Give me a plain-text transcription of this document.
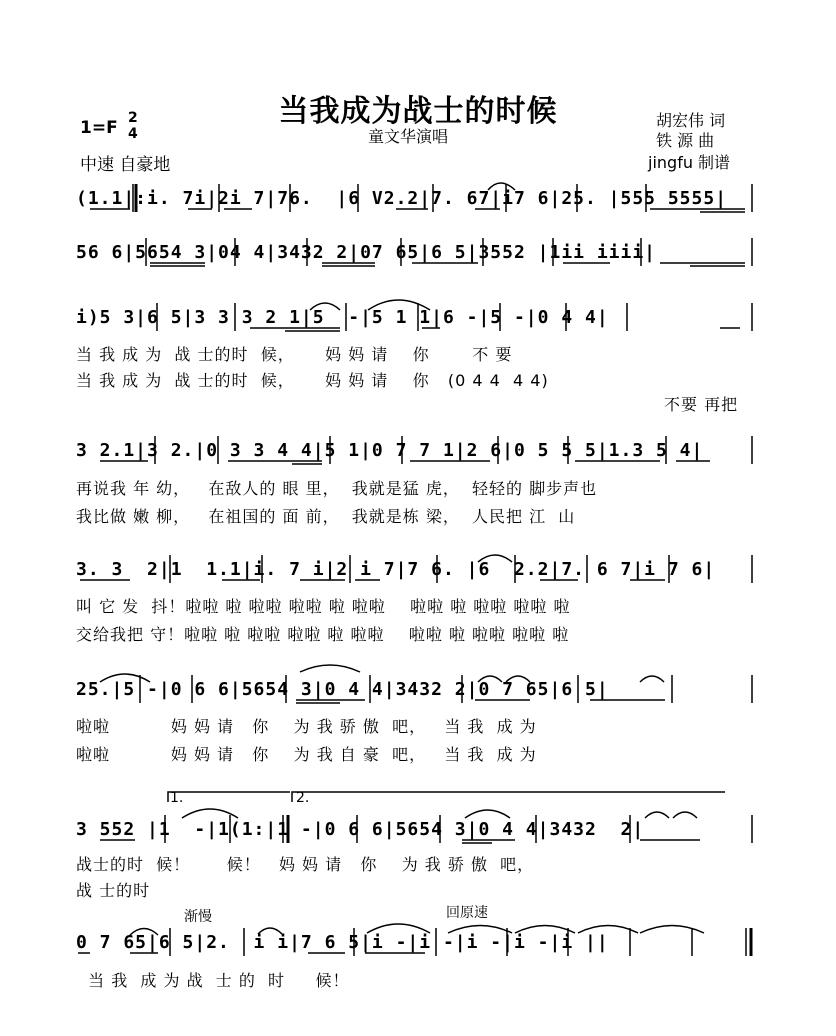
当我成为战士的时候
童文华演唱
1=F 2
4
中速 自豪地
胡宏伟 词
铁 源 曲
jingfu 制谱
1.	2.
渐慢	回原速
(1.1|:i. 7i|2i 7|76.  |6 V2.2|7. 67|i7 6|25. |555 5555|
56 6|5654 3|04 4|3432 2|07 65|6 5|3552 |1ii iiii|
i)5 3|6 5|3 3 3 2 1|5  -|5 1 1|6 -|5 -|0 4 4|
3 2.1|3 2.|0 3 3 4 4|5 1|0 7 7 1|2 6|0 5 5 5|1.3 5 4|
3. 3  2|1  1.1|i. 7 i|2 i 7|7 6. |6  2.2|7. 6 7|i 7 6|
25.|5 -|0 6 6|5654 3|0 4 4|3432 2|0 7 65|6 5|
3 552 |1  -|1(1:|1 -|0 6 6|5654 3|0 4 4|3432  2|
0 7 65|6 5|2.  i i|7 6 5|i -|i -|i -|i -|i ||
当 我 成 为  战 士的时  候，     妈 妈 请    你       不 要
当 我 成 为  战 士的时  候，     妈 妈 请    你   (0 4 4  4 4)
不要 再把
再说我 年 幼，   在敌人的 眼 里，  我就是猛 虎，  轻轻的 脚步声也
我比做 嫩 柳，   在祖国的 面 前，  我就是栋 梁，  人民把 江  山
叫 它 发  抖！啦啦 啦 啦啦 啦啦 啦 啦啦    啦啦 啦 啦啦 啦啦 啦
交给我把 守！啦啦 啦 啦啦 啦啦 啦 啦啦    啦啦 啦 啦啦 啦啦 啦
啦啦          妈 妈 请   你    为 我 骄 傲  吧，   当 我  成 为
啦啦          妈 妈 请   你    为 我 自 豪  吧，   当 我  成 为
战士的时  候！      候！   妈 妈 请   你    为 我 骄 傲  吧，
战 士的时
当 我  成 为 战  士 的  时     候！
